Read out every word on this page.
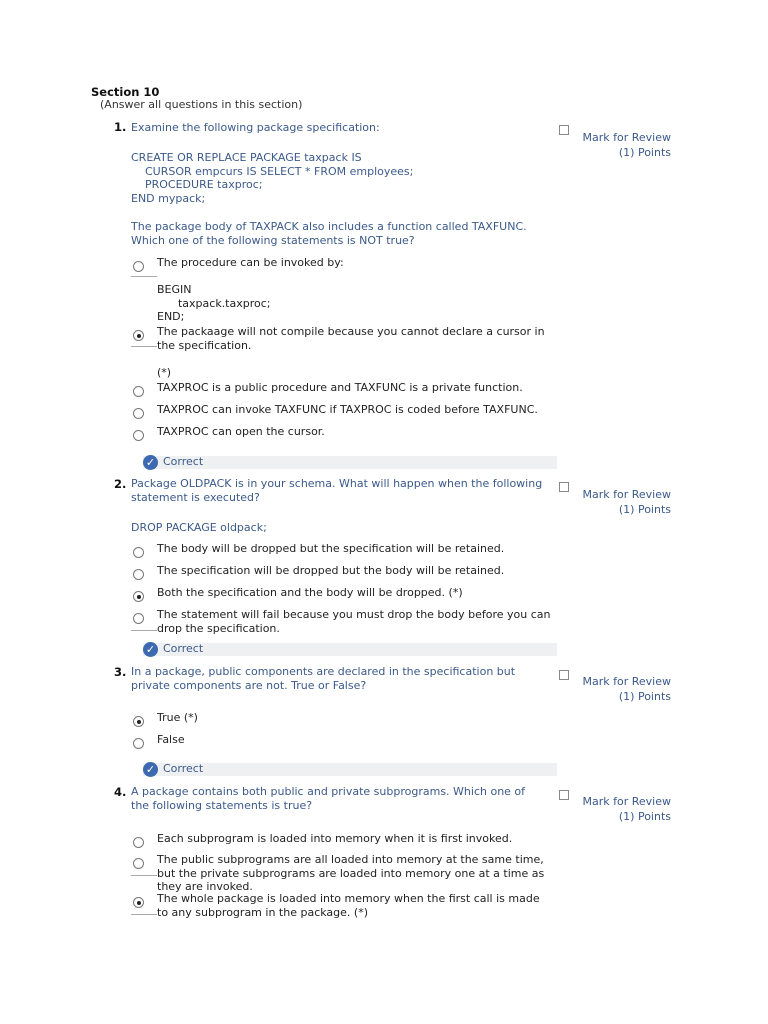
Section 10
(Answer all questions in this section)
1. Examine the following package specification:
Mark for Review
(1) Points
CREATE OR REPLACE PACKAGE taxpack IS
CURSOR empcurs IS SELECT * FROM employees;
PROCEDURE taxproc;
END mypack;
The package body of TAXPACK also includes a function called TAXFUNC. Which one of the following statements is NOT true?
The procedure can be invoked by:

BEGIN
taxpack.taxproc;
END;
The packaage will not compile because you cannot declare a cursor in the specification.

(*)
TAXPROC is a public procedure and TAXFUNC is a private function.
TAXPROC can invoke TAXFUNC if TAXPROC is coded before TAXFUNC.
TAXPROC can open the cursor.
✓ Correct
2. Package OLDPACK is in your schema. What will happen when the following statement is executed?	Mark for Review
(1) Points
DROP PACKAGE oldpack;
The body will be dropped but the specification will be retained.
The specification will be dropped but the body will be retained.
Both the specification and the body will be dropped. (*)
The statement will fail because you must drop the body before you can drop the specification.
✓ Correct
3. In a package, public components are declared in the specification but private components are not. True or False?	Mark for Review
(1) Points
True (*)
False
✓ Correct
4. A package contains both public and private subprograms. Which one of the following statements is true?	Mark for Review
(1) Points
Each subprogram is loaded into memory when it is first invoked.
The public subprograms are all loaded into memory at the same time, but the private subprograms are loaded into memory one at a time as they are invoked.
The whole package is loaded into memory when the first call is made to any subprogram in the package. (*)
